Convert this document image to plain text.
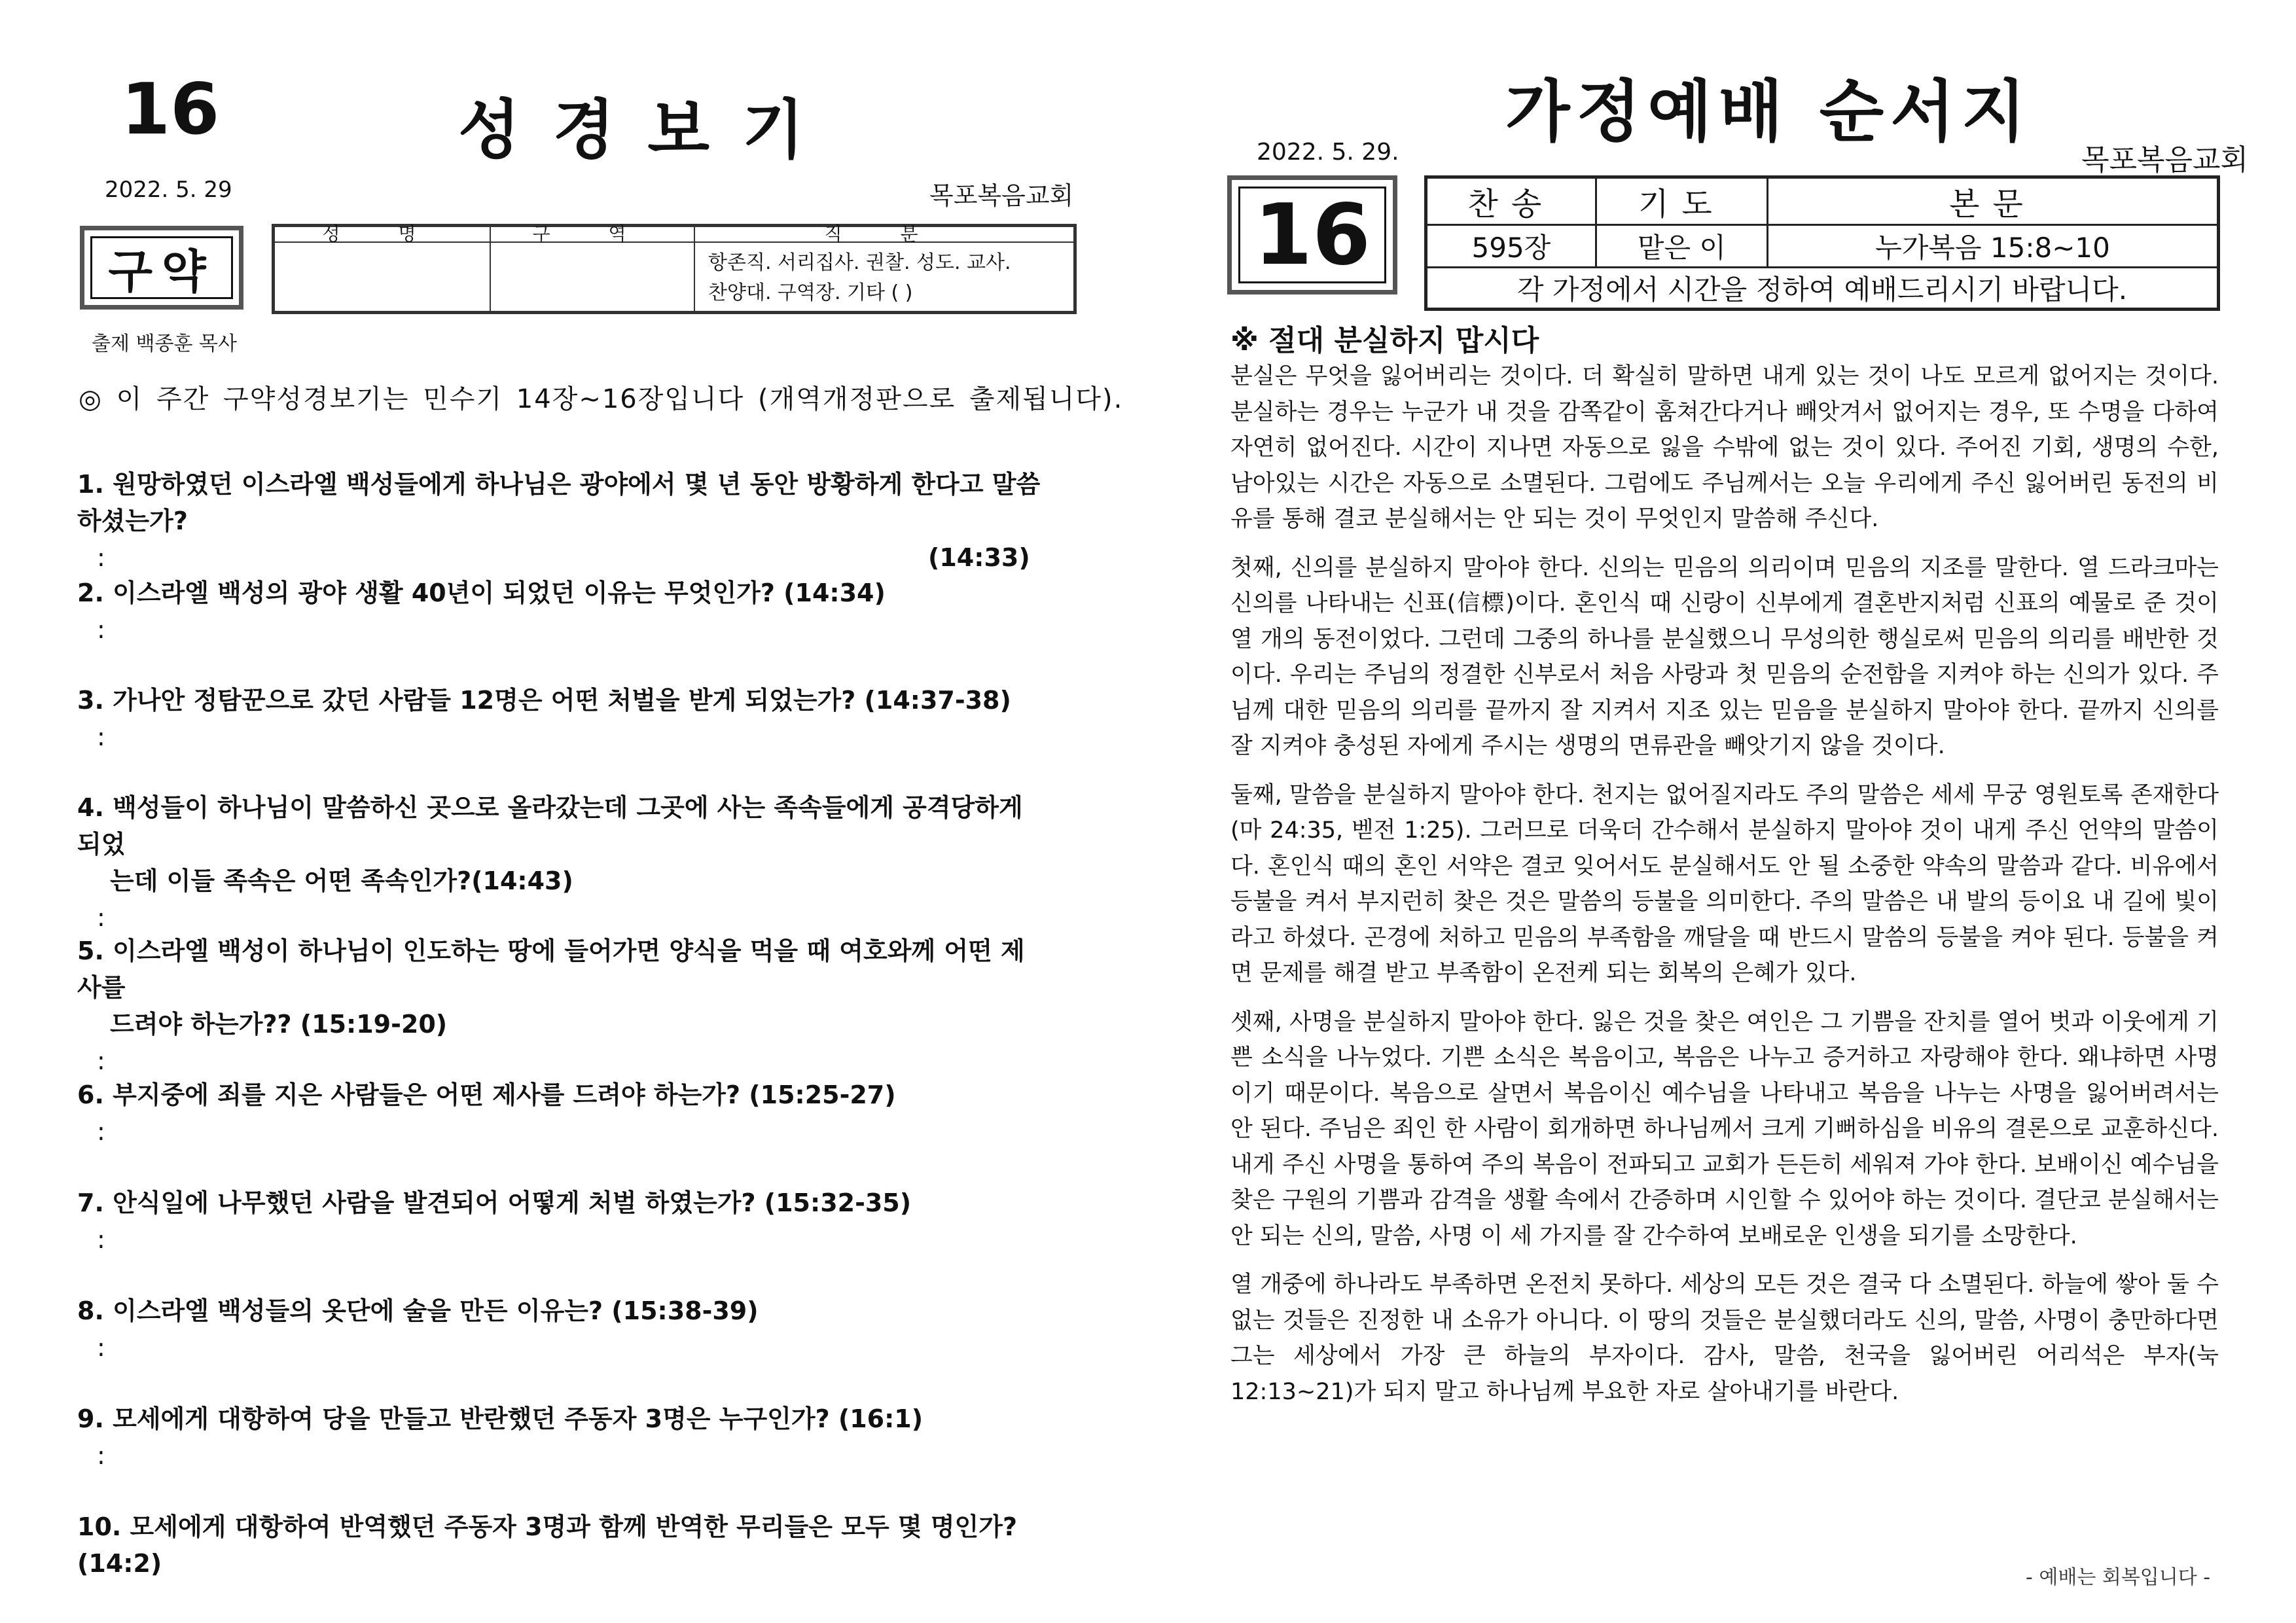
16	성경보기
2022. 5. 29	목포복음교회
구약
성 명	구 역	직 분

		항존직. 서리집사. 권찰. 성도. 교사.
찬양대. 구역장. 기타 ( )
출제 백종훈 목사
◎ 이 주간 구약성경보기는 민수기 14장~16장입니다 (개역개정판으로 출제됩니다).
1. 원망하였던 이스라엘 백성들에게 하나님은 광야에서 몇 년 동안 방황하게 한다고 말씀하셨는가?
:	(14:33)
2. 이스라엘 백성의 광야 생활 40년이 되었던 이유는 무엇인가? (14:34)
:
3. 가나안 정탐꾼으로 갔던 사람들 12명은 어떤 처벌을 받게 되었는가? (14:37-38)
:
4. 백성들이 하나님이 말씀하신 곳으로 올라갔는데 그곳에 사는 족속들에게 공격당하게 되었
는데 이들 족속은 어떤 족속인가?(14:43)
:
5. 이스라엘 백성이 하나님이 인도하는 땅에 들어가면 양식을 먹을 때 여호와께 어떤 제사를
드려야 하는가?? (15:19-20)
:
6. 부지중에 죄를 지은 사람들은 어떤 제사를 드려야 하는가? (15:25-27)
:
7. 안식일에 나무했던 사람을 발견되어 어떻게 처벌 하였는가? (15:32-35)
:
8. 이스라엘 백성들의 옷단에 술을 만든 이유는? (15:38-39)
:
9. 모세에게 대항하여 당을 만들고 반란했던 주동자 3명은 누구인가? (16:1)
:
10. 모세에게 대항하여 반역했던 주동자 3명과 함께 반역한 무리들은 모두 몇 명인가?(14:2)
가정예배 순서지
2022. 5. 29.	목포복음교회
16	찬송	기도	본문
595장	맡은 이	누가복음 15:8~10
각 가정에서 시간을 정하여 예배드리시기 바랍니다.		
※ 절대 분실하지 맙시다

분실은 무엇을 잃어버리는 것이다. 더 확실히 말하면 내게 있는 것이 나도 모르게 없어지는 것이다. 분실하는 경우는 누군가 내 것을 감쪽같이 훔쳐간다거나 빼앗겨서 없어지는 경우, 또 수명을 다하여 자연히 없어진다. 시간이 지나면 자동으로 잃을 수밖에 없는 것이 있다. 주어진 기회, 생명의 수한, 남아있는 시간은 자동으로 소멸된다. 그럼에도 주님께서는 오늘 우리에게 주신 잃어버린 동전의 비유를 통해 결코 분실해서는 안 되는 것이 무엇인지 말씀해 주신다.

첫째, 신의를 분실하지 말아야 한다. 신의는 믿음의 의리이며 믿음의 지조를 말한다. 열 드라크마는 신의를 나타내는 신표(信標)이다. 혼인식 때 신랑이 신부에게 결혼반지처럼 신표의 예물로 준 것이 열 개의 동전이었다. 그런데 그중의 하나를 분실했으니 무성의한 행실로써 믿음의 의리를 배반한 것이다. 우리는 주님의 정결한 신부로서 처음 사랑과 첫 믿음의 순전함을 지켜야 하는 신의가 있다. 주님께 대한 믿음의 의리를 끝까지 잘 지켜서 지조 있는 믿음을 분실하지 말아야 한다. 끝까지 신의를 잘 지켜야 충성된 자에게 주시는 생명의 면류관을 빼앗기지 않을 것이다.

둘째, 말씀을 분실하지 말아야 한다. 천지는 없어질지라도 주의 말씀은 세세 무궁 영원토록 존재한다(마 24:35, 벧전 1:25). 그러므로 더욱더 간수해서 분실하지 말아야 것이 내게 주신 언약의 말씀이다. 혼인식 때의 혼인 서약은 결코 잊어서도 분실해서도 안 될 소중한 약속의 말씀과 같다. 비유에서 등불을 켜서 부지런히 찾은 것은 말씀의 등불을 의미한다. 주의 말씀은 내 발의 등이요 내 길에 빛이라고 하셨다. 곤경에 처하고 믿음의 부족함을 깨달을 때 반드시 말씀의 등불을 켜야 된다. 등불을 켜면 문제를 해결 받고 부족함이 온전케 되는 회복의 은혜가 있다.

셋째, 사명을 분실하지 말아야 한다. 잃은 것을 찾은 여인은 그 기쁨을 잔치를 열어 벗과 이웃에게 기쁜 소식을 나누었다. 기쁜 소식은 복음이고, 복음은 나누고 증거하고 자랑해야 한다. 왜냐하면 사명이기 때문이다. 복음으로 살면서 복음이신 예수님을 나타내고 복음을 나누는 사명을 잃어버려서는 안 된다. 주님은 죄인 한 사람이 회개하면 하나님께서 크게 기뻐하심을 비유의 결론으로 교훈하신다. 내게 주신 사명을 통하여 주의 복음이 전파되고 교회가 든든히 세워져 가야 한다. 보배이신 예수님을 찾은 구원의 기쁨과 감격을 생활 속에서 간증하며 시인할 수 있어야 하는 것이다. 결단코 분실해서는 안 되는 신의, 말씀, 사명 이 세 가지를 잘 간수하여 보배로운 인생을 되기를 소망한다.

열 개중에 하나라도 부족하면 온전치 못하다. 세상의 모든 것은 결국 다 소멸된다. 하늘에 쌓아 둘 수 없는 것들은 진정한 내 소유가 아니다. 이 땅의 것들은 분실했더라도 신의, 말씀, 사명이 충만하다면 그는 세상에서 가장 큰 하늘의 부자이다. 감사, 말씀, 천국을 잃어버린 어리석은 부자(눅 12:13~21)가 되지 말고 하나님께 부요한 자로 살아내기를 바란다.

- 예배는 회복입니다 -
